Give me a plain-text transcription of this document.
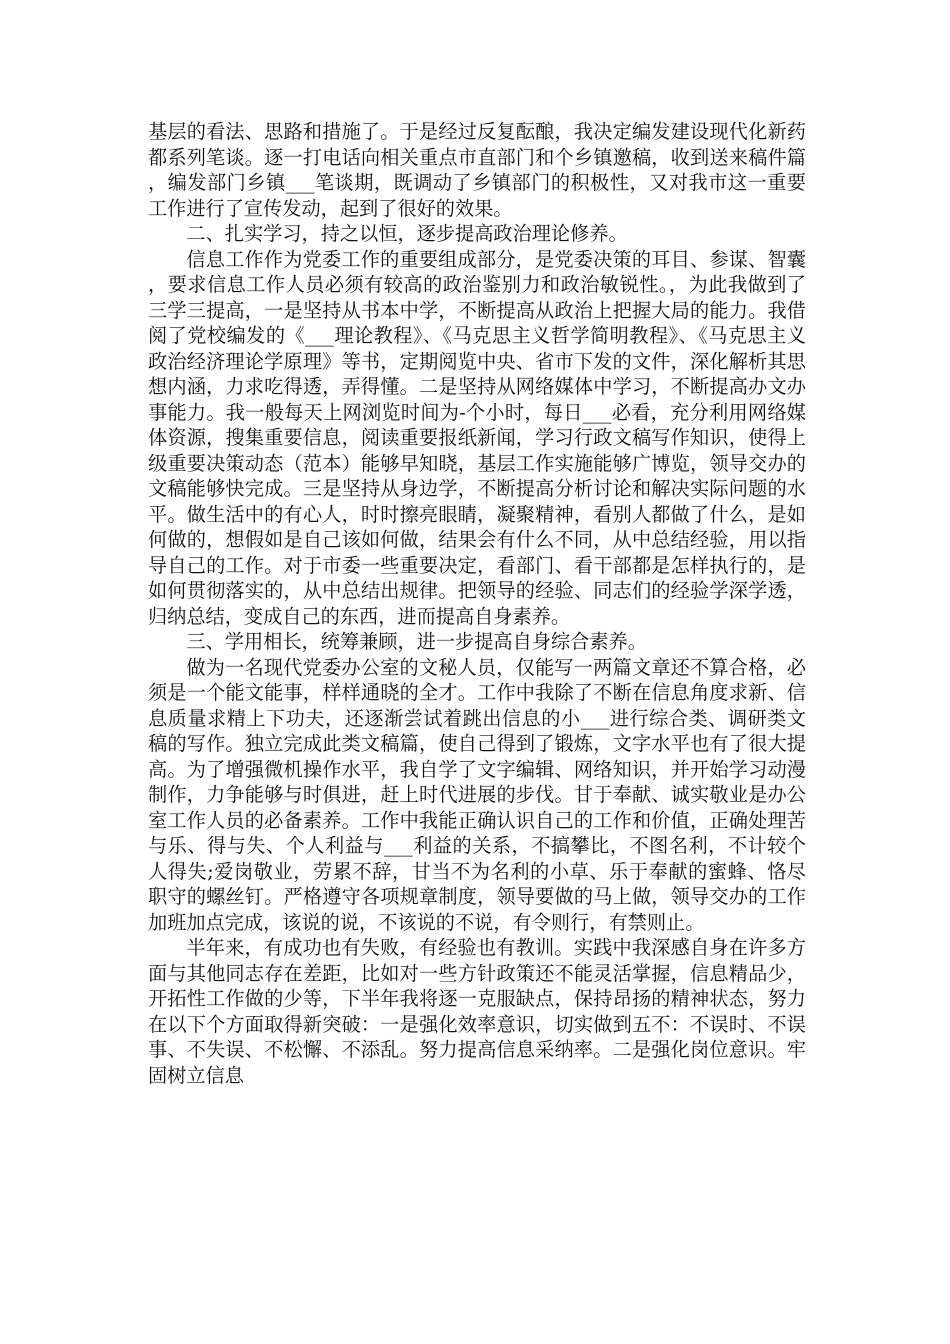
基层的看法、思路和措施了。于是经过反复酝酿，我决定编发建设现代化新药都系列笔谈。逐一打电话向相关重点市直部门和个乡镇邀稿，收到送来稿件篇，编发部门乡镇___笔谈期，既调动了乡镇部门的积极性，又对我市这一重要工作进行了宣传发动，起到了很好的效果。

二、扎实学习，持之以恒，逐步提高政治理论修养。

信息工作作为党委工作的重要组成部分，是党委决策的耳目、参谋、智囊，要求信息工作人员必须有较高的政治鉴别力和政治敏锐性。，为此我做到了三学三提高，一是坚持从书本中学，不断提高从政治上把握大局的能力。我借阅了党校编发的《___理论教程》、《马克思主义哲学简明教程》、《马克思主义政治经济理论学原理》等书，定期阅览中央、省市下发的文件，深化解析其思想内涵，力求吃得透，弄得懂。二是坚持从网络媒体中学习，不断提高办文办事能力。我一般每天上网浏览时间为-个小时，每日___必看，充分利用网络媒体资源，搜集重要信息，阅读重要报纸新闻，学习行政文稿写作知识，使得上级重要决策动态（范本）能够早知晓，基层工作实施能够广博览，领导交办的文稿能够快完成。三是坚持从身边学，不断提高分析讨论和解决实际问题的水平。做生活中的有心人，时时擦亮眼睛，凝聚精神，看别人都做了什么，是如何做的，想假如是自己该如何做，结果会有什么不同，从中总结经验，用以指导自己的工作。对于市委一些重要决定，看部门、看干部都是怎样执行的，是如何贯彻落实的，从中总结出规律。把领导的经验、同志们的经验学深学透，归纳总结，变成自己的东西，进而提高自身素养。

三、学用相长，统筹兼顾，进一步提高自身综合素养。

做为一名现代党委办公室的文秘人员，仅能写一两篇文章还不算合格，必须是一个能文能事，样样通晓的全才。工作中我除了不断在信息角度求新、信息质量求精上下功夫，还逐渐尝试着跳出信息的小___进行综合类、调研类文稿的写作。独立完成此类文稿篇，使自己得到了锻炼，文字水平也有了很大提高。为了增强微机操作水平，我自学了文字编辑、网络知识，并开始学习动漫制作，力争能够与时俱进，赶上时代进展的步伐。甘于奉献、诚实敬业是办公室工作人员的必备素养。工作中我能正确认识自己的工作和价值，正确处理苦与乐、得与失、个人利益与___利益的关系，不搞攀比，不图名利，不计较个人得失;爱岗敬业，劳累不辞，甘当不为名利的小草、乐于奉献的蜜蜂、恪尽职守的螺丝钉。严格遵守各项规章制度，领导要做的马上做，领导交办的工作加班加点完成，该说的说，不该说的不说，有令则行，有禁则止。

半年来，有成功也有失败，有经验也有教训。实践中我深感自身在许多方面与其他同志存在差距，比如对一些方针政策还不能灵活掌握，信息精品少，开拓性工作做的少等，下半年我将逐一克服缺点，保持昂扬的精神状态，努力在以下个方面取得新突破：一是强化效率意识，切实做到五不：不误时、不误事、不失误、不松懈、不添乱。努力提高信息采纳率。二是强化岗位意识。牢固树立信息
